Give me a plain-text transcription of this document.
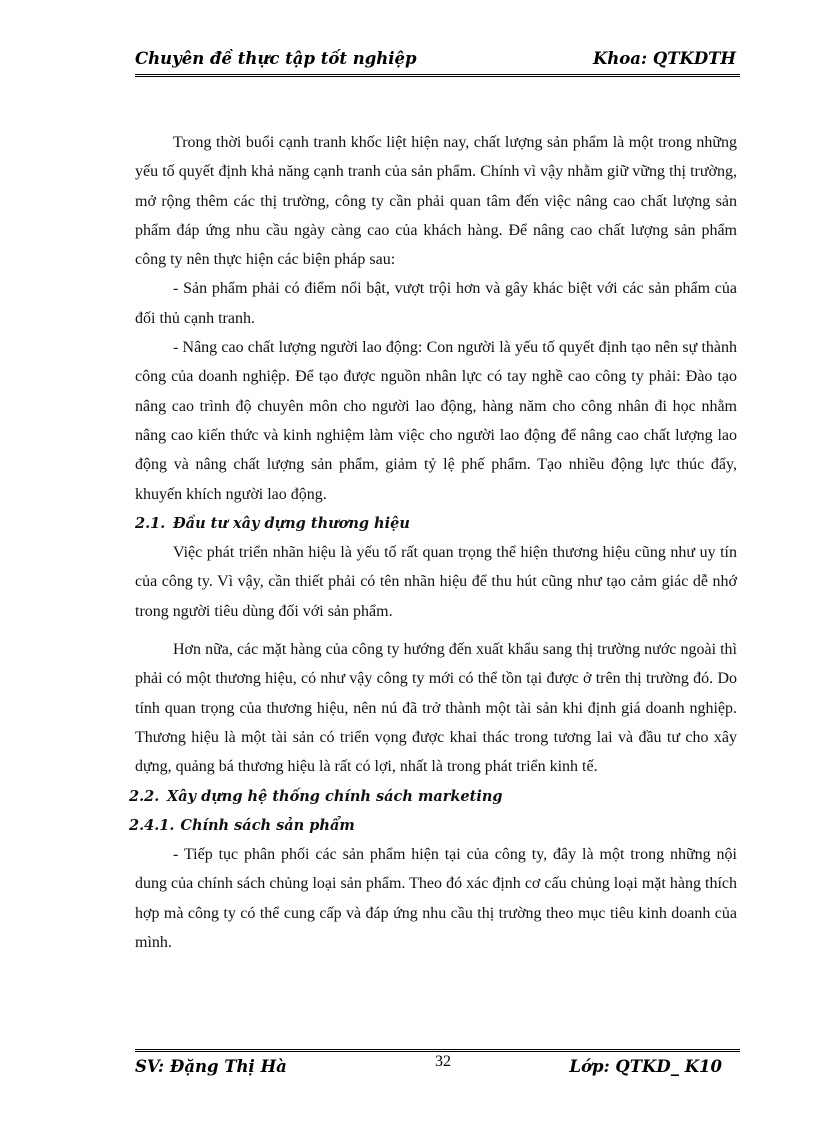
Chuyên đề thực tập tốt nghiệp	Khoa: QTKDTH

Trong thời buổi cạnh tranh khốc liệt hiện nay, chất lượng sản phẩm là một trong những yếu tố quyết định khả năng cạnh tranh của sản phẩm. Chính vì vậy nhằm giữ vững thị trường, mở rộng thêm các thị trường, công ty cần phải quan tâm đến việc nâng cao chất lượng sản phẩm đáp ứng nhu cầu ngày càng cao của khách hàng. Để nâng cao chất lượng sản phẩm công ty nên thực hiện các biện pháp sau:

- Sản phẩm phải có điểm nổi bật, vượt trội hơn và gây khác biệt với các sản phẩm của đối thủ cạnh tranh.

- Nâng cao chất lượng người lao động: Con người là yếu tố quyết định tạo nên sự thành công của doanh nghiệp. Để tạo được nguồn nhân lực có tay nghề cao công ty phải: Đào tạo nâng cao trình độ chuyên môn cho người lao động, hàng năm cho công nhân đi học nhằm nâng cao kiến thức và kinh nghiệm làm việc cho người lao động để nâng cao chất lượng lao động và nâng chất lượng sản phẩm, giảm tỷ lệ phế phẩm. Tạo nhiều động lực thúc đẩy, khuyến khích người lao động.

2.1. Đầu tư xây dựng thương hiệu

Việc phát triển nhãn hiệu là yếu tố rất quan trọng thể hiện thương hiệu cũng như uy tín của công ty. Vì vậy, cần thiết phải có tên nhãn hiệu để thu hút cũng như tạo cảm giác dễ nhớ trong người tiêu dùng đối với sản phẩm.

Hơn nữa, các mặt hàng của công ty hướng đến xuất khẩu sang thị trường nước ngoài thì phải có một thương hiệu, có như vậy công ty mới có thể tồn tại được ở trên thị trường đó. Do tính quan trọng của thương hiệu, nên nú đã trở thành một tài sản khi định giá doanh nghiệp. Thương hiệu là một tài sản có triển vọng được khai thác trong tương lai và đầu tư cho xây dựng, quảng bá thương hiệu là rất có lợi, nhất là trong phát triển kinh tế.

2.2. Xây dựng hệ thống chính sách marketing

2.4.1. Chính sách sản phẩm

- Tiếp tục phân phối các sản phẩm hiện tại của công ty, đây là một trong những nội dung của chính sách chủng loại sản phẩm. Theo đó xác định cơ cấu chủng loại mặt hàng thích hợp mà công ty có thể cung cấp và đáp ứng nhu cầu thị trường theo mục tiêu kinh doanh của mình.

SV: Đặng Thị Hà	32	Lớp: QTKD_ K10
